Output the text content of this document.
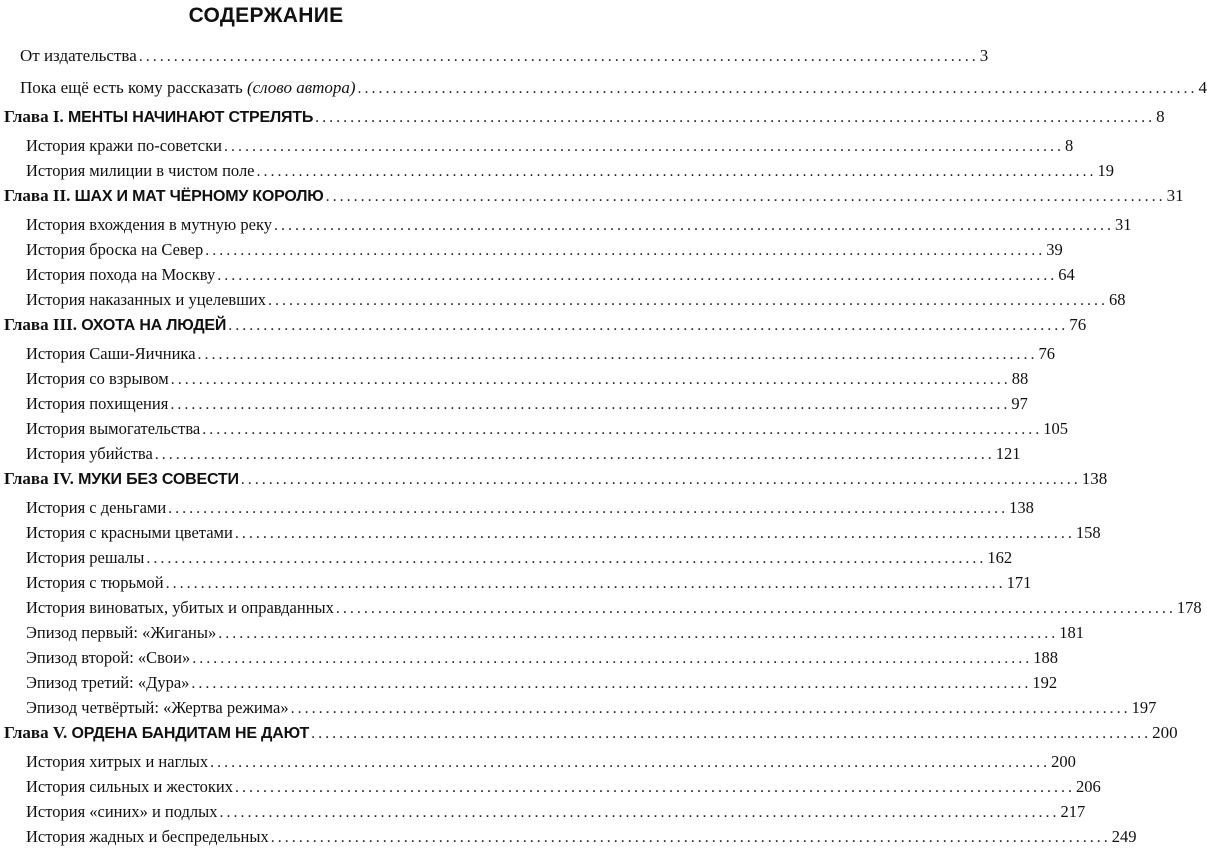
СОДЕРЖАНИЕ
От издательства ........................................................................................................................ 3
Пока ещё есть кому рассказать (слово автора) ........................................................................................................................ 4
Глава I. МЕНТЫ НАЧИНАЮТ СТРЕЛЯТЬ ........................................................................................................................ 8
История кражи по-советски ........................................................................................................................ 8
История милиции в чистом поле ........................................................................................................................ 19
Глава II. ШАХ И МАТ ЧЁРНОМУ КОРОЛЮ ........................................................................................................................ 31
История вхождения в мутную реку ........................................................................................................................ 31
История броска на Север ........................................................................................................................ 39
История похода на Москву ........................................................................................................................ 64
История наказанных и уцелевших ........................................................................................................................ 68
Глава III. ОХОТА НА ЛЮДЕЙ ........................................................................................................................ 76
История Саши-Яичника ........................................................................................................................ 76
История со взрывом ........................................................................................................................ 88
История похищения ........................................................................................................................ 97
История вымогательства ........................................................................................................................ 105
История убийства ........................................................................................................................ 121
Глава IV. МУКИ БЕЗ СОВЕСТИ ........................................................................................................................ 138
История с деньгами ........................................................................................................................ 138
История с красными цветами ........................................................................................................................ 158
История решалы ........................................................................................................................ 162
История с тюрьмой ........................................................................................................................ 171
История виноватых, убитых и оправданных ........................................................................................................................ 178
Эпизод первый: «Жиганы» ........................................................................................................................ 181
Эпизод второй: «Свои» ........................................................................................................................ 188
Эпизод третий: «Дура» ........................................................................................................................ 192
Эпизод четвёртый: «Жертва режима» ........................................................................................................................ 197
Глава V. ОРДЕНА БАНДИТАМ НЕ ДАЮТ ........................................................................................................................ 200
История хитрых и наглых ........................................................................................................................ 200
История сильных и жестоких ........................................................................................................................ 206
История «синих» и подлых ........................................................................................................................ 217
История жадных и беспредельных ........................................................................................................................ 249
